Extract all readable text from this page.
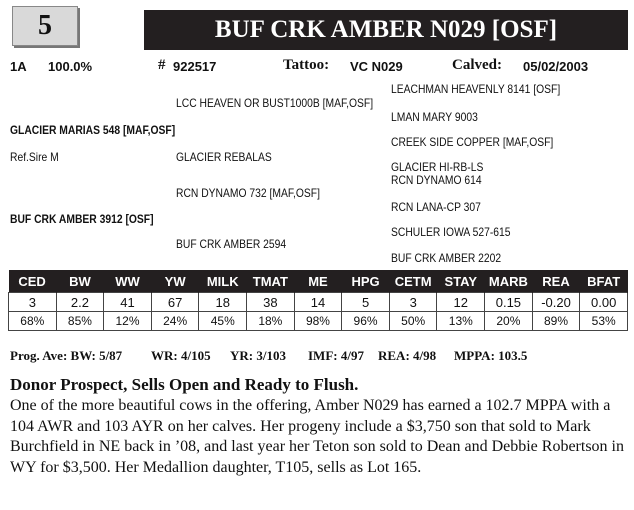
5	BUF CRK AMBER N029 [OSF]
1A 100.0%	# 922517	Tattoo: VC N029	Calved: 05/02/2003
LEACHMAN HEAVENLY 8141 [OSF]
LCC HEAVEN OR BUST1000B [MAF,OSF]
LMAN MARY 9003
GLACIER MARIAS 548 [MAF,OSF]
CREEK SIDE COPPER [MAF,OSF]
Ref.Sire M	GLACIER REBALAS
GLACIER HI-RB-LS
RCN DYNAMO 614
RCN DYNAMO 732 [MAF,OSF]
RCN LANA-CP 307
BUF CRK AMBER 3912 [OSF]
SCHULER IOWA 527-615
BUF CRK AMBER 2594
BUF CRK AMBER 2202
CED	BW	WW	YW	MILK	TMAT	ME	HPG	CETM	STAY	MARB	REA	BFAT
3	2.2	41	67	18	38	14	5	3	12	0.15	-0.20	0.00
68%	85%	12%	24%	45%	18%	98%	96%	50%	13%	20%	89%	53%
Prog. Ave: BW: 5/87 WR: 4/105 YR: 3/103 IMF: 4/97 REA: 4/98 MPPA: 103.5
Donor Prospect, Sells Open and Ready to Flush.
One of the more beautiful cows in the offering, Amber N029 has earned a 102.7 MPPA with a 104 AWR and 103 AYR on her calves. Her progeny include a $3,750 son that sold to Mark Burchfield in NE back in ’08, and last year her Teton son sold to Dean and Debbie Robertson in WY for $3,500. Her Medallion daughter, T105, sells as Lot 165.
